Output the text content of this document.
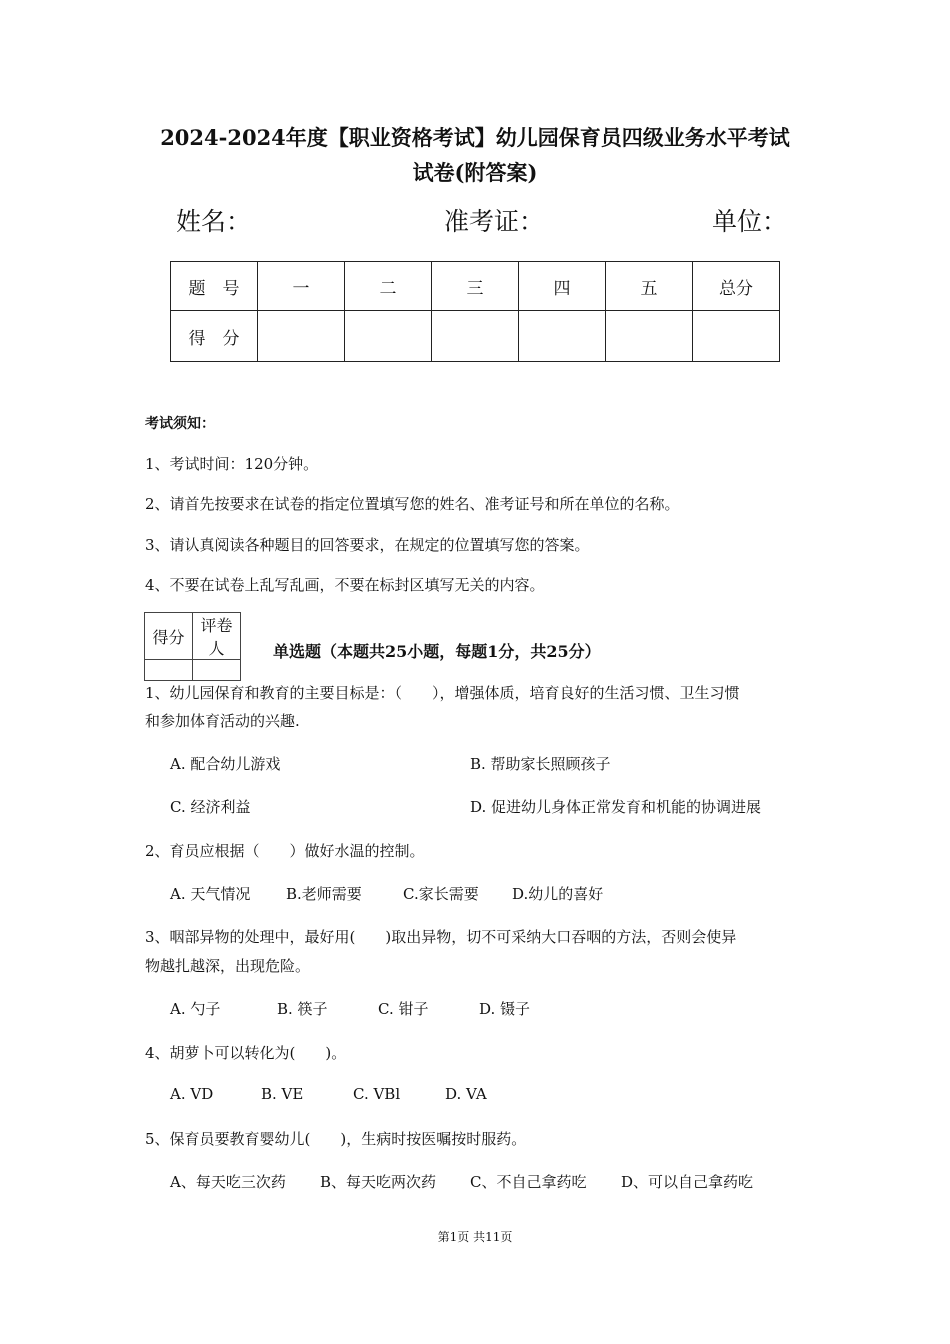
2024-2024年度【职业资格考试】幼儿园保育员四级业务水平考试
试卷(附答案)
姓名：	准考证：	单位：
题　号	一	二	三	四	五	总分
得　分						
考试须知：
1、考试时间：120分钟。
2、请首先按要求在试卷的指定位置填写您的姓名、准考证号和所在单位的名称。
3、请认真阅读各种题目的回答要求，在规定的位置填写您的答案。
4、不要在试卷上乱写乱画，不要在标封区填写无关的内容。
得分	评卷人
		单选题（本题共25小题，每题1分，共25分）
1、幼儿园保育和教育的主要目标是：（　　），增强体质，培育良好的生活习惯、卫生习惯
和参加体育活动的兴趣.
A. 配合幼儿游戏	B. 帮助家长照顾孩子
C. 经济利益	D. 促进幼儿身体正常发育和机能的协调进展
2、育员应根据（　　）做好水温的控制。
A. 天气情况 B.老师需要	C.家长需要 D.幼儿的喜好
3、咽部异物的处理中，最好用(　　)取出异物，切不可采纳大口吞咽的方法，否则会使异
物越扎越深，出现危险。
A. 勺子	B. 筷子	C. 钳子	D. 镊子
4、胡萝卜可以转化为(　　)。
A. VD	B. VE	C. VBl	D. VA
5、保育员要教育婴幼儿(　　)，生病时按医嘱按时服药。
A、每天吃三次药 B、每天吃两次药 C、不自己拿药吃 D、可以自己拿药吃
第1页 共11页
